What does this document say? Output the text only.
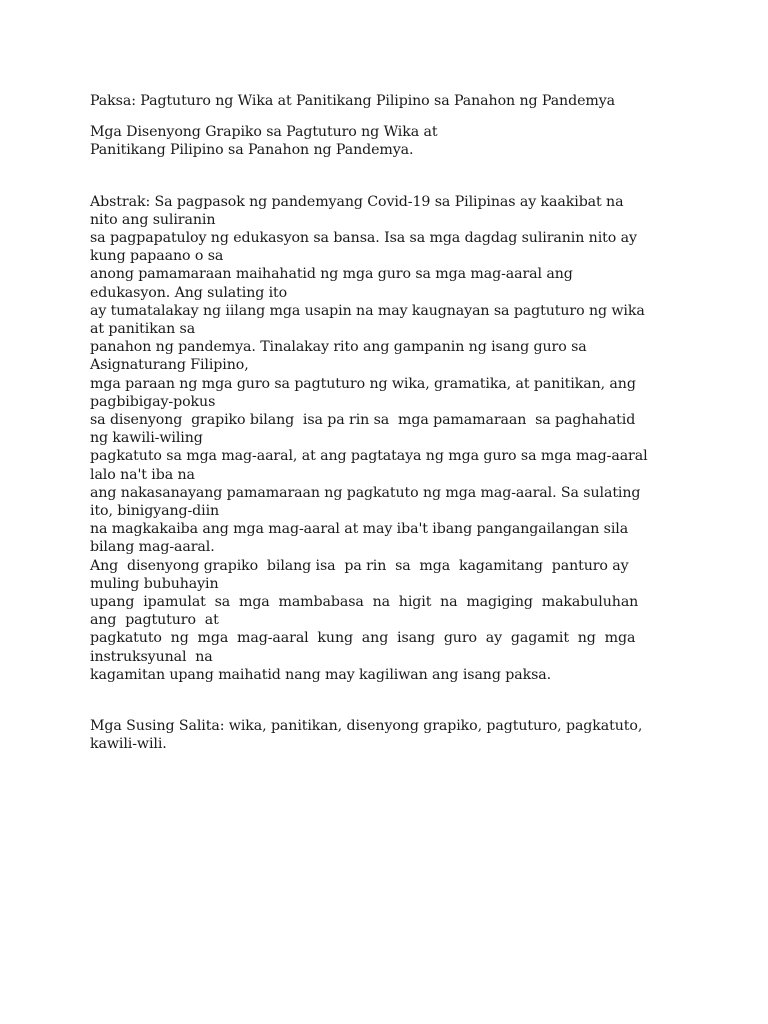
Paksa: Pagtuturo ng Wika at Panitikang Pilipino sa Panahon ng Pandemya
Mga Disenyong Grapiko sa Pagtuturo ng Wika at
Panitikang Pilipino sa Panahon ng Pandemya.
Abstrak: Sa pagpasok ng pandemyang Covid-19 sa Pilipinas ay kaakibat na
nito ang suliranin
sa pagpapatuloy ng edukasyon sa bansa. Isa sa mga dagdag suliranin nito ay
kung papaano o sa
anong pamamaraan maihahatid ng mga guro sa mga mag-aaral ang
edukasyon. Ang sulating ito
ay tumatalakay ng iilang mga usapin na may kaugnayan sa pagtuturo ng wika
at panitikan sa
panahon ng pandemya. Tinalakay rito ang gampanin ng isang guro sa
Asignaturang Filipino,
mga paraan ng mga guro sa pagtuturo ng wika, gramatika, at panitikan, ang
pagbibigay-pokus
sa disenyong  grapiko bilang  isa pa rin sa  mga pamamaraan  sa paghahatid
ng kawili-wiling
pagkatuto sa mga mag-aaral, at ang pagtataya ng mga guro sa mga mag-aaral
lalo na't iba na
ang nakasanayang pamamaraan ng pagkatuto ng mga mag-aaral. Sa sulating
ito, binigyang-diin
na magkakaiba ang mga mag-aaral at may iba't ibang pangangailangan sila
bilang mag-aaral.
Ang  disenyong grapiko  bilang isa  pa rin  sa  mga  kagamitang  panturo ay
muling bubuhayin
upang  ipamulat  sa  mga  mambabasa  na  higit  na  magiging  makabuluhan
ang  pagtuturo  at
pagkatuto  ng  mga  mag-aaral  kung  ang  isang  guro  ay  gagamit  ng  mga
instruksyunal  na
kagamitan upang maihatid nang may kagiliwan ang isang paksa.
Mga Susing Salita: wika, panitikan, disenyong grapiko, pagtuturo, pagkatuto,
kawili-wili.
